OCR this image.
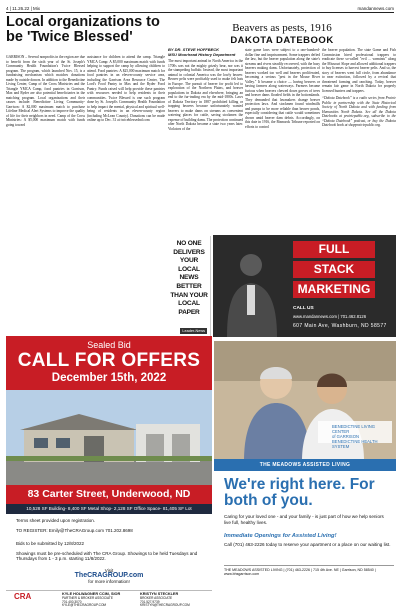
4 | 11.26.22 | Mix	mandannews.com
Local organizations to be 'Twice Blessed'
GARRISON – Several nonprofits in the region are due to benefit from the sixth year of the St. Joseph's Community Health Foundation's Twice Blessed program. The program, which launched Nov. 15, is a fundraising mechanism which matches donations made by outside donors. In addition to the Benedictine Living Center, Camp of the Cross Ministries and the Triangle YMCA Camp, food pantries in Garrison, Max and Ryder are also potential beneficiaries in the matching program. Local organizations and their causes include: Benedictine Living Community-Garrison: A $2,000 maximum match to purchase Lifeline Medical Alert Systems to improve the quality of life for their neighbors in need. Camp of the Cross Ministries: A $5,000 maximum match with funds going toward
assistance for children to attend the camp. Triangle YMCA Camp: A $5,000 maximum match with funds helping to support the camp by allowing children to attend. Food pantries: A $25,000 maximum match for food pantries in an eleven-county service area, including the Garrison Area Resource Center, The Lord's Food Pantry in Max and the Ryder Food Pantry. Funds raised will help provide these pantries with resources needed to help residents in their communities. Twice Blessed is one such program done by St. Joseph's Community Health Foundation to help impact the mental, physical and spiritual well-being of residents in an eleven-county region (including McLean County). Donations can be made online up to Dec. 31 at twiceblessednd.com
Beavers as pests, 1916
DAKOTA DATEBOOK
BY DR. STEVE HOFFBECK
MSU Moorhead History Department
The most important animal in North America in the 1700s was not the mighty grizzly bear, nor was it the stampeding buffalo. Instead, the most important animal in colonial America was the lowly beaver. Beaver pelts were profitably used to make felt hats in Europe. The pursuit of beaver for profit led to exploration of the Northern Plains, and beaver populations in Dakota and elsewhere, bringing an end to the fur-trading era by the mid-1800s. Laws of Dakota Territory in 1887 prohibited killing or trapping beavers because unfortunately wanted beavers to make dams on streams as convenient watering places for cattle, saving stockmen the expense of building dams. The protection continued after North Dakota became a state two years later. Violators of the
state game laws were subject to a one-hundred-dollar fine and imprisonment. Some trappers defied the law, but the beaver population along the state's streams and rivers steadily recovered, with the busy beavers making dams. Unfortunately, protection of beavers worked too well and beavers proliferated, becoming a serious "pest in the Mouse River Valley." It became a choice — having beavers or having farmers along waterways. Farmers became furious when beavers chewed down groves of trees and beaver dams flooded fields in the bottomlands. They demanded that lawmakers change beaver protection laws. And stockmen found windmills and pumps to be more reliable than beaver ponds, especially considering that cattle would sometimes drown amid beaver dam debris. Accordingly, on this date in 1916, the Bismarck Tribune reported on efforts to control
the beaver population. The state Game and Fish Commission hired professional trappers to eradicate these so-called "evil ... varmints" along the Missouri Slope and allowed additional trappers to buy licenses to harvest beaver pelts. And so, the story of beavers went full circle, from abundance to near extinction, followed by a revival that threatened farming and ranching. Today, beaver remain fair game in North Dakota for properly licensed hunters and trappers.
“Dakota Datebook” is a radio series from Prairie Public in partnership with the State Historical Society of North Dakota and with funding from Humanities North Dakota. See all the Dakota Datebooks at prairiepublic.org, subscribe to the “Dakota Datebook” podcast, or buy the Dakota Datebook book at shopprairiepublic.org.
NO ONE DELIVERS YOUR LOCAL NEWS BETTER THAN YOUR LOCAL PAPER
Leader-News
FULL
STACK
MARKETING
CALL US
www.mandannews.com | 701.462.8126
607 Main Ave, Washburn, ND 58577
Sealed Bid
CALL FOR OFFERS
December 15th, 2022
83 Carter Street, Underwood, ND
10,528 SF Building- 8,400 SF Metal Shop- 2,128 SF Office Space- 81,405 SF Lot
Terms sheet provided upon registration.
TO REGISTER: Emily@TheCRAGroup.com 701.202.8698
Bids to be submitted by 12/8/2022
Showings must be pre-scheduled with The CRA Group. Showings to be held Tuesdays and Thursdays from 1 - 3 p.m. starting 11/8/2022.
Visit
TheCRAGROUP.com
for more information!
CRA	KYLE HOLWAGNER CCIM, SIOR
PARTNER & BROKER ASSOCIATE
701.400.3070
KYLE@THECRAGROUP.COM
KRISTYN STECKLER
BROKER ASSOCIATE
701.527.9739
KRISTYN@THECRAGROUP.COM
BENEDICTINE LIVING CENTER
of GARRISON
BENEDICTINE HEALTH SYSTEM
THE MEADOWS ASSISTED LIVING
We're right here. For both of you.
Caring for your loved one - and your family - is just part of how we help seniors live full, healthy lives.
Immediate Openings for Assisted Living!
Call (701) 463-2226 today to reserve your apartment or a place on our waiting list.
THE MEADOWS ASSISTED LIVING | (701) 463-2226 | 715 4th Ave. NE | Garrison, ND 58540 | www.bhsgarrison.com
